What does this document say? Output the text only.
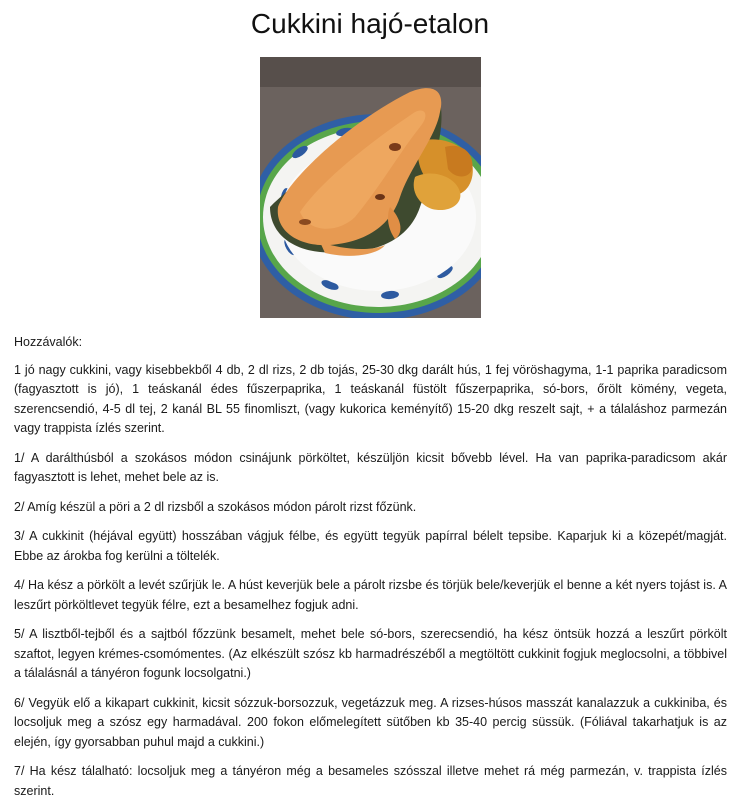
Cukkini hajó-etalon

Hozzávalók:

1 jó nagy cukkini, vagy kisebbekből 4 db, 2 dl rizs, 2 db tojás, 25-30 dkg darált hús, 1 fej vöröshagyma, 1-1 paprika paradicsom (fagyasztott is jó), 1 teáskanál édes fűszerpaprika, 1 teáskanál füstölt fűszerpaprika, só-bors, őrölt kömény, vegeta, szerencsendió, 4-5 dl tej, 2 kanál BL 55 finomliszt, (vagy kukorica keményítő) 15-20 dkg reszelt sajt, + a tálaláshoz parmezán vagy trappista ízlés szerint.

1/ A darálthúsból a szokásos módon csinájunk pörköltet, készüljön kicsit bővebb lével. Ha van paprika-paradicsom akár fagyasztott is lehet, mehet bele az is.

2/ Amíg készül a pöri a 2 dl rizsből a szokásos módon párolt rizst főzünk.

3/ A cukkinit (héjával együtt) hosszában vágjuk félbe, és együtt tegyük papírral bélelt tepsibe. Kaparjuk ki a közepét/magját. Ebbe az árokba fog kerülni a töltelék.

4/ Ha kész a pörkölt a levét szűrjük le. A húst keverjük bele a párolt rizsbe és törjük bele/keverjük el benne a két nyers tojást is. A leszűrt pörköltlevet tegyük félre, ezt a besamelhez fogjuk adni.

5/ A lisztből-tejből és a sajtból főzzünk besamelt, mehet bele só-bors, szerecsendió, ha kész öntsük hozzá a leszűrt pörkölt szaftot, legyen krémes-csomómentes. (Az elkészült szósz kb harmadrészéből a megtöltött cukkinit fogjuk meglocsolni, a többivel a tálalásnál a tányéron fogunk locsolgatni.)

6/ Vegyük elő a kikapart cukkinit, kicsit sózzuk-borsozzuk, vegetázzuk meg. A rizses-húsos masszát kanalazzuk a cukkiniba, és locsoljuk meg a szósz egy harmadával. 200 fokon előmelegített sütőben kb 35-40 percig süssük. (Fóliával takarhatjuk is az elején, így gyorsabban puhul majd a cukkini.)

7/ Ha kész tálalható: locsoljuk meg a tányéron még a besameles szósszal illetve mehet rá még parmezán, v. trappista ízlés szerint.
